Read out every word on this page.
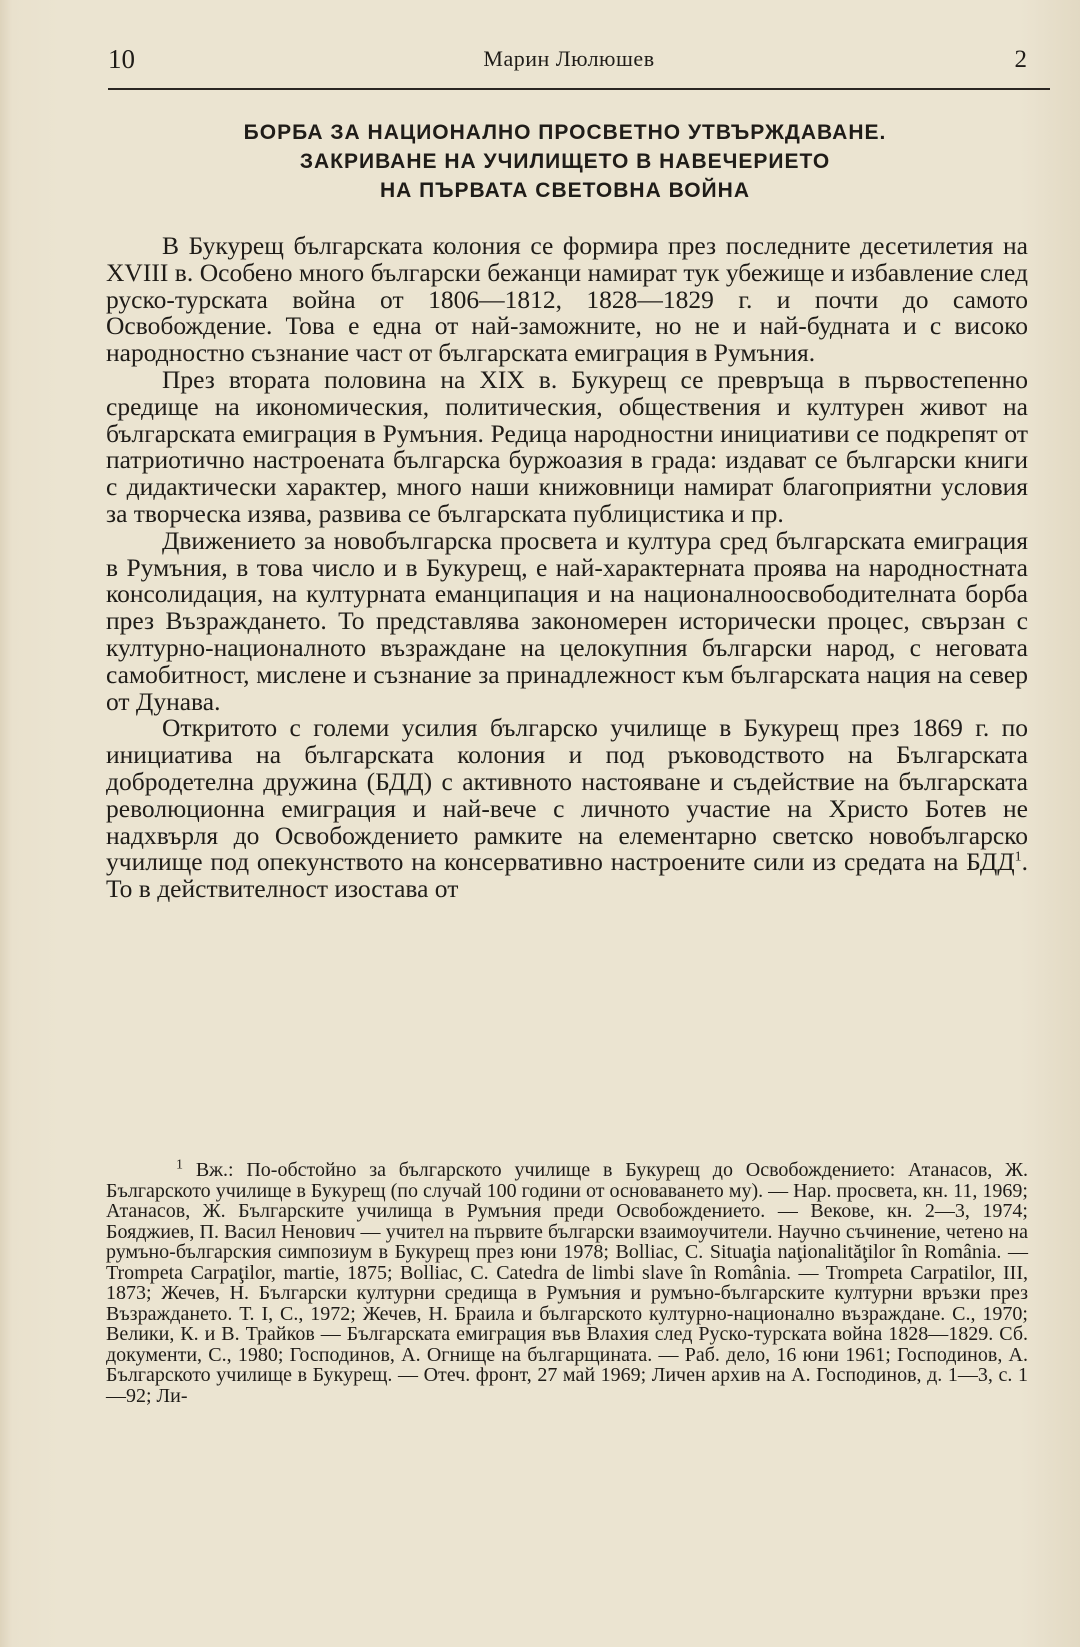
10	Марин Люлюшев	2
БОРБА ЗА НАЦИОНАЛНО ПРОСВЕТНО УТВЪРЖДАВАНЕ.
ЗАКРИВАНЕ НА УЧИЛИЩЕТО В НАВЕЧЕРИЕТО
НА ПЪРВАТА СВЕТОВНА ВОЙНА

В Букурещ българската колония се формира през последните десетилетия на XVIII в. Особено много български бежанци намират тук убежище и избавление след руско-турската война от 1806—1812, 1828—1829 г. и почти до самото Освобождение. Това е една от най-заможните, но не и най-будната и с високо народностно съзнание част от българската емиграция в Румъния.

През втората половина на XIX в. Букурещ се превръща в първостепенно средище на икономическия, политическия, обществения и културен живот на българската емиграция в Румъния. Редица народностни инициативи се подкрепят от патриотично настроената българска буржоазия в града: издават се български книги с дидактически характер, много наши книжовници намират благоприятни условия за творческа изява, развива се българската публицистика и пр.

Движението за новобългарска просвета и култура сред българската емиграция в Румъния, в това число и в Букурещ, е най-характерната проява на народностната консолидация, на културната еманципация и на националноосвободителната борба през Възраждането. То представлява закономерен исторически процес, свързан с културно-националното възраждане на целокупния български народ, с неговата самобитност, мислене и съзнание за принадлежност към българската нация на север от Дунава.

Откритото с големи усилия българско училище в Букурещ през 1869 г. по инициатива на българската колония и под ръководството на Българската добродетелна дружина (БДД) с активното настояване и съдействие на българската революционна емиграция и най-вече с личното участие на Христо Ботев не надхвърля до Освобождението рамките на елементарно светско новобългарско училище под опекунството на консервативно настроените сили из средата на БДД$^1$. То в действителност изостава от

$^1$ Вж.: По-обстойно за българското училище в Букурещ до Освобождението: Атанасов, Ж. Българското училище в Букурещ (по случай 100 години от основаването му). — Нар. просвета, кн. 11, 1969; Атанасов, Ж. Българските училища в Румъния преди Освобождението. — Векове, кн. 2—3, 1974; Бояджиев, П. Васил Ненович — учител на първите български взаимоучители. Научно съчинение, четено на румъно-българския симпозиум в Букурещ през юни 1978; Bolliac, C. Situaţia naţionalităţilor în România. — Trompeta Carpaţilor, martie, 1875; Bolliac, C. Catedra de limbi slave în România. — Trompeta Carpatilor, III, 1873; Жечев, Н. Български културни средища в Румъния и румъно-българските културни връзки през Възраждането. Т. I, С., 1972; Жечев, Н. Браила и българското културно-национално възраждане. С., 1970; Велики, К. и В. Трайков — Българската емиграция във Влахия след Руско-турската война 1828—1829. Сб. документи, С., 1980; Господинов, А. Огнище на българщината. — Раб. дело, 16 юни 1961; Господинов, А. Българското училище в Букурещ. — Отеч. фронт, 27 май 1969; Личен архив на А. Господинов, д. 1—3, с. 1—92; Ли-
